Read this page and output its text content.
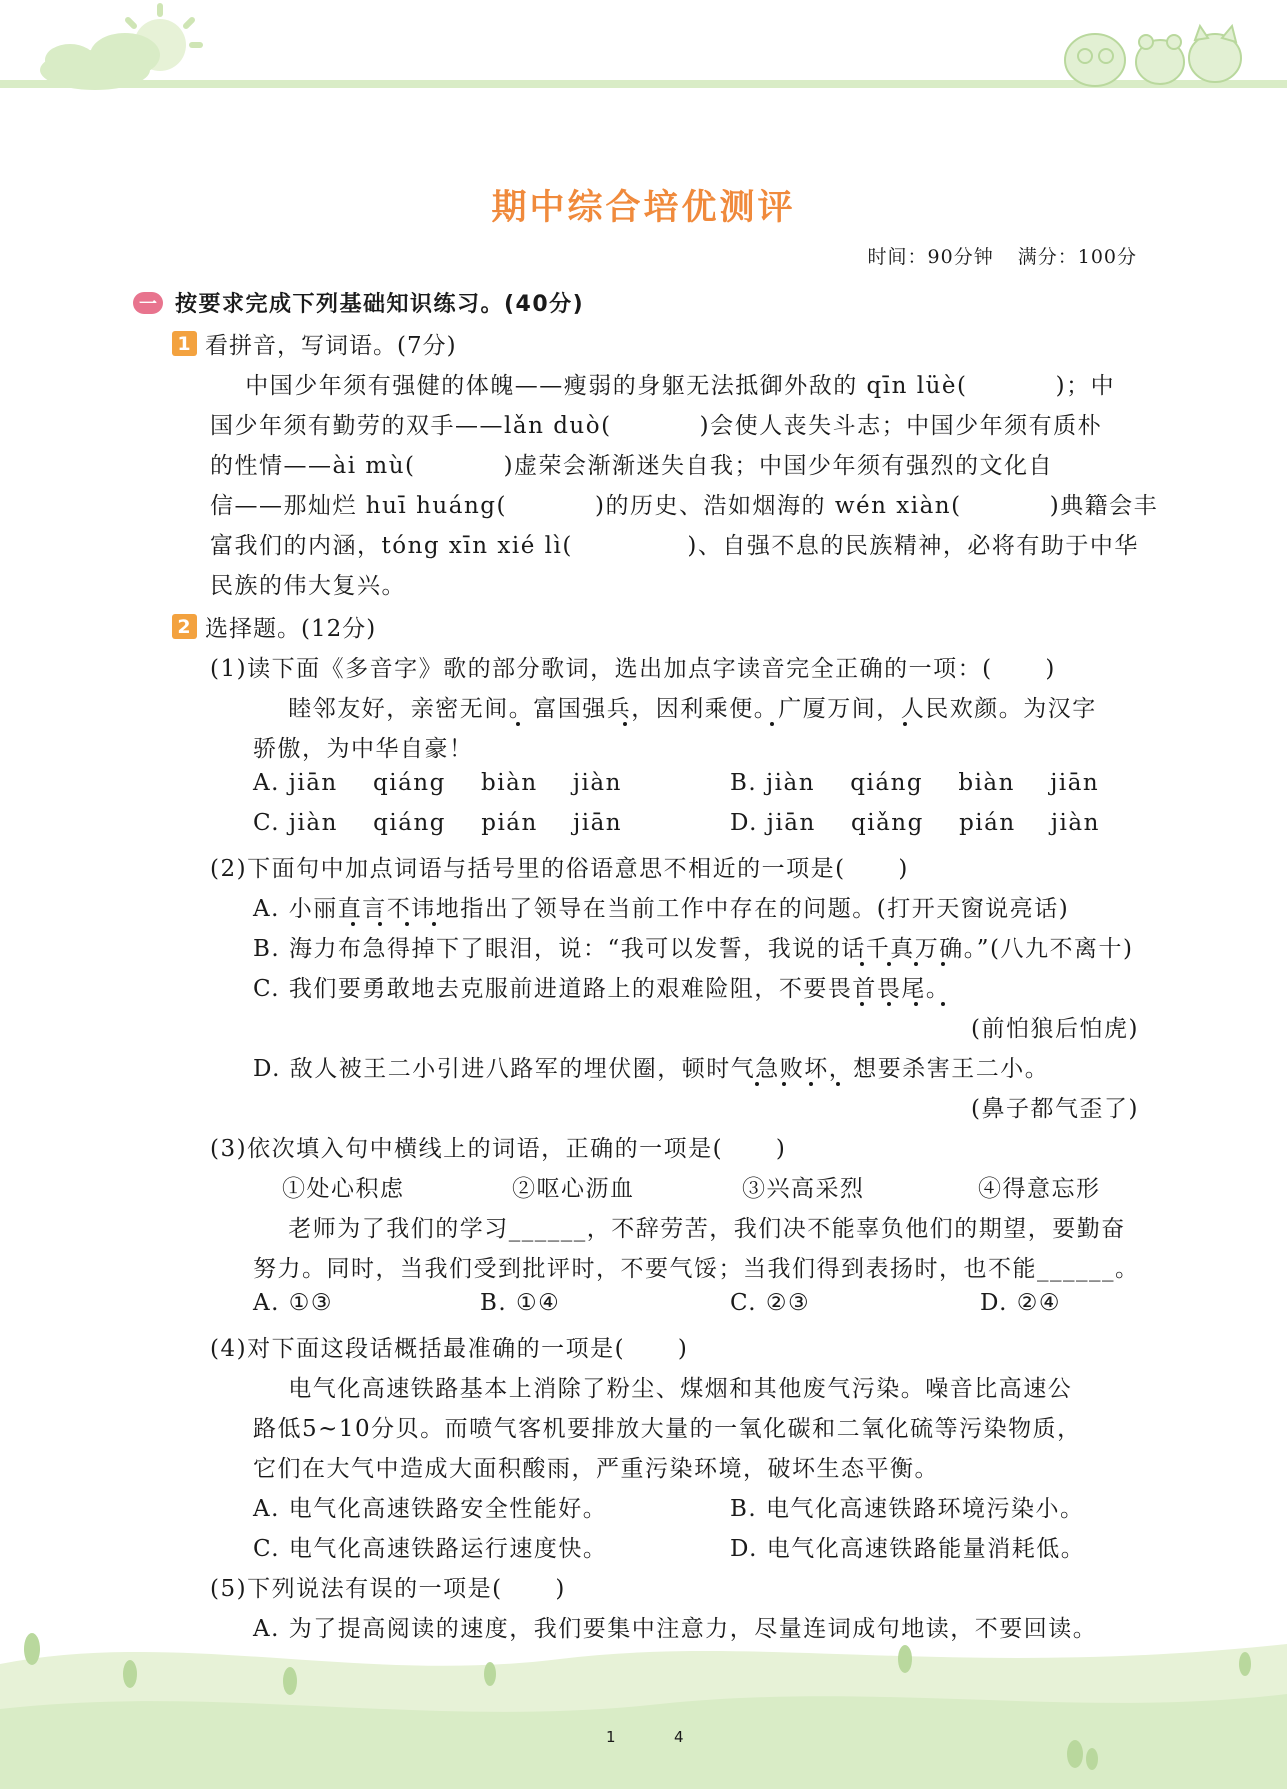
期中综合培优测评
时间：90分钟 满分：100分
一 按要求完成下列基础知识练习。(40分)
1 看拼音，写词语。(7分)
中国少年须有强健的体魄——瘦弱的身躯无法抵御外敌的 qīn lüè(          )；中
国少年须有勤劳的双手——lǎn duò(          )会使人丧失斗志；中国少年须有质朴
的性情——ài mù(          )虚荣会渐渐迷失自我；中国少年须有强烈的文化自
信——那灿烂 huī huáng(          )的历史、浩如烟海的 wén xiàn(          )典籍会丰
富我们的内涵，tóng xīn xié lì(             )、自强不息的民族精神，必将有助于中华
民族的伟大复兴。
2 选择题。(12分)
(1)读下面《多音字》歌的部分歌词，选出加点字读音完全正确的一项：(      )
睦邻友好，亲密无间。富国强兵，因利乘便。广厦万间，人民欢颜。为汉字
骄傲，为中华自豪！
A. jiān    qiáng    biàn    jiàn	B. jiàn    qiáng    biàn    jiān
C. jiàn    qiáng    pián    jiān	D. jiān    qiǎng    pián    jiàn
(2)下面句中加点词语与括号里的俗语意思不相近的一项是(      )
A. 小丽直言不讳地指出了领导在当前工作中存在的问题。(打开天窗说亮话)
B. 海力布急得掉下了眼泪，说：“我可以发誓，我说的话千真万确。”(八九不离十)
C. 我们要勇敢地去克服前进道路上的艰难险阻，不要畏首畏尾。
(前怕狼后怕虎)
D. 敌人被王二小引进八路军的埋伏圈，顿时气急败坏，想要杀害王二小。
(鼻子都气歪了)
(3)依次填入句中横线上的词语，正确的一项是(      )
①处心积虑	②呕心沥血	③兴高采烈	④得意忘形
老师为了我们的学习______，不辞劳苦，我们决不能辜负他们的期望，要勤奋
努力。同时，当我们受到批评时，不要气馁；当我们得到表扬时，也不能______。
A. ①③	B. ①④	C. ②③	D. ②④
(4)对下面这段话概括最准确的一项是(      )
电气化高速铁路基本上消除了粉尘、煤烟和其他废气污染。噪音比高速公
路低5~10分贝。而喷气客机要排放大量的一氧化碳和二氧化硫等污染物质，
它们在大气中造成大面积酸雨，严重污染环境，破坏生态平衡。
A. 电气化高速铁路安全性能好。	B. 电气化高速铁路环境污染小。
C. 电气化高速铁路运行速度快。	D. 电气化高速铁路能量消耗低。
(5)下列说法有误的一项是(      )
A. 为了提高阅读的速度，我们要集中注意力，尽量连词成句地读，不要回读。
1	4
